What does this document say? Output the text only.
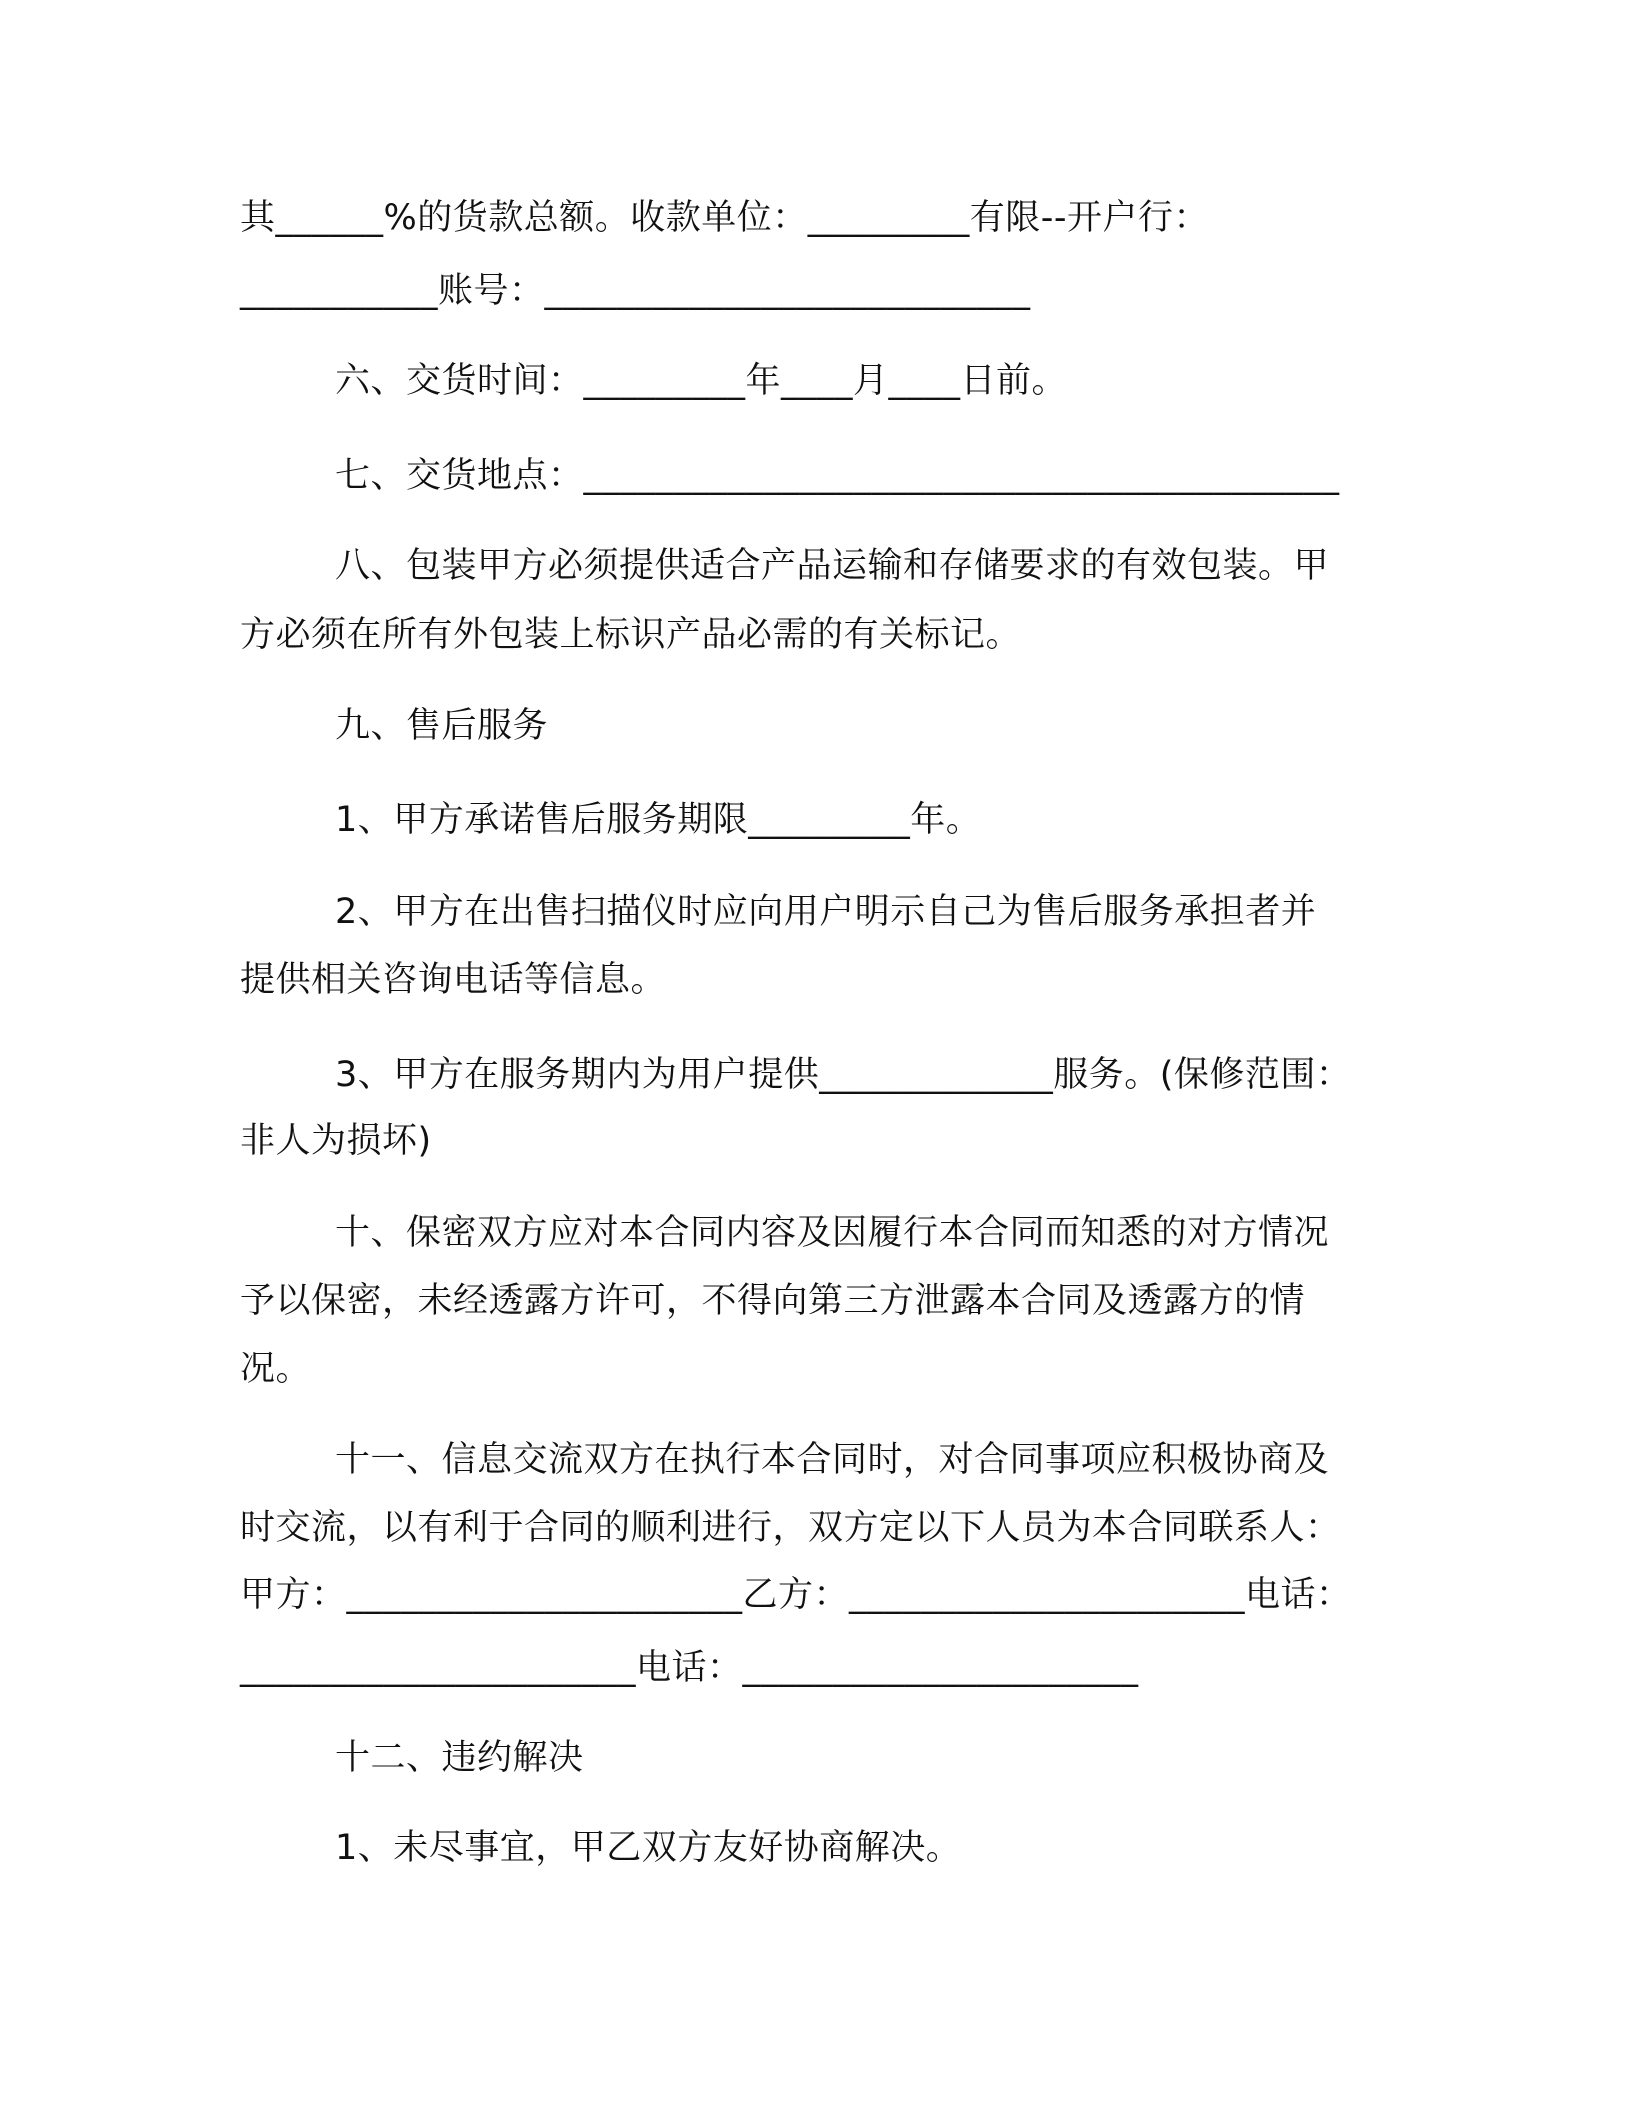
其______%的货款总额。收款单位：_________有限--开户行：
___________账号：___________________________
六、交货时间：_________年____月____日前。
七、交货地点：__________________________________________
八、包装甲方必须提供适合产品运输和存储要求的有效包装。甲
方必须在所有外包装上标识产品必需的有关标记。
九、售后服务
1、甲方承诺售后服务期限_________年。
2、甲方在出售扫描仪时应向用户明示自己为售后服务承担者并
提供相关咨询电话等信息。
3、甲方在服务期内为用户提供_____________服务。(保修范围：
非人为损坏)
十、保密双方应对本合同内容及因履行本合同而知悉的对方情况
予以保密，未经透露方许可，不得向第三方泄露本合同及透露方的情
况。
十一、信息交流双方在执行本合同时，对合同事项应积极协商及
时交流，以有利于合同的顺利进行，双方定以下人员为本合同联系人：
甲方：______________________乙方：______________________电话：
______________________电话：______________________
十二、违约解决
1、未尽事宜，甲乙双方友好协商解决。
